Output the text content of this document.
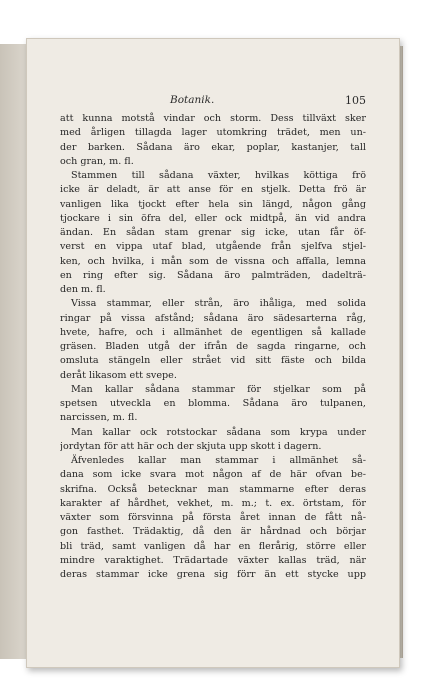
Botanik.	105
att kunna motstå vindar och storm. Dess tillväxt sker
med årligen tillagda lager utomkring trädet, men un-
der barken. Sådana äro ekar, poplar, kastanjer, tall
och gran, m. fl.
Stammen till sådana växter, hvilkas köttiga frö
icke är deladt, är att anse för en stjelk. Detta frö är
vanligen lika tjockt efter hela sin längd, någon gång
tjockare i sin öfra del, eller ock midtpå, än vid andra
ändan. En sådan stam grenar sig icke, utan får öf-
verst en vippa utaf blad, utgående från sjelfva stjel-
ken, och hvilka, i mån som de vissna och affalla, lemna
en ring efter sig. Sådana äro palmträden, dadelträ-
den m. fl.
Vissa stammar, eller strån, äro ihåliga, med solida
ringar på vissa afstånd; sådana äro sädesarterna råg,
hvete, hafre, och i allmänhet de egentligen så kallade
gräsen. Bladen utgå der ifrån de sagda ringarne, och
omsluta stängeln eller strået vid sitt fäste och bilda
deråt likasom ett svepe.
Man kallar sådana stammar för stjelkar som på
spetsen utveckla en blomma. Sådana äro tulpanen,
narcissen, m. fl.
Man kallar ock rotstockar sådana som krypa under
jordytan för att här och der skjuta upp skott i dagern.
Äfvenledes kallar man stammar i allmänhet så-
dana som icke svara mot någon af de här ofvan be-
skrifna. Också betecknar man stammarne efter deras
karakter af hårdhet, vekhet, m. m.; t. ex. örtstam, för
växter som försvinna på första året innan de fått nå-
gon fasthet. Trädaktig, då den är hårdnad och börjar
bli träd, samt vanligen då har en flerårig, större eller
mindre varaktighet. Trädartade växter kallas träd, när
deras stammar icke grena sig förr än ett stycke upp
